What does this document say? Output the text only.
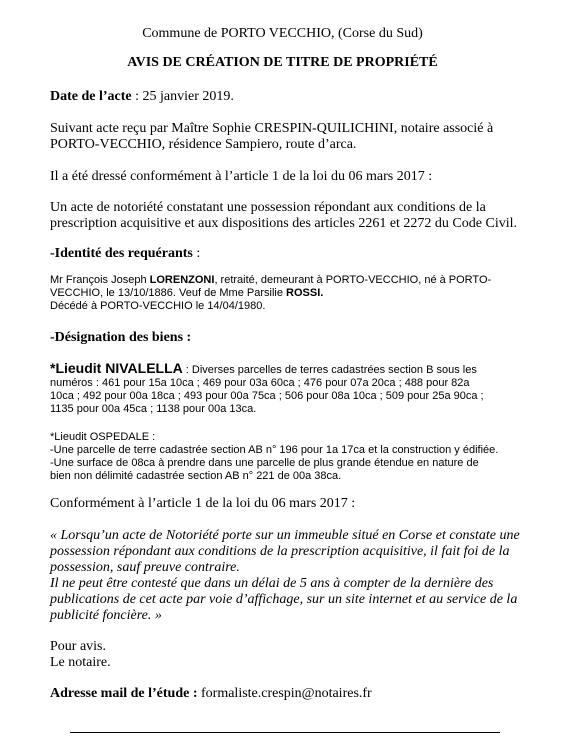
Commune de PORTO VECCHIO, (Corse du Sud)
AVIS DE CRÉATION DE TITRE DE PROPRIÉTÉ
Date de l’acte : 25 janvier 2019.
Suivant acte reçu par Maître Sophie CRESPIN-QUILICHINI, notaire associé à
PORTO-VECCHIO, résidence Sampiero, route d’arca.
Il a été dressé conformément à l’article 1 de la loi du 06 mars 2017 :
Un acte de notoriété constatant une possession répondant aux conditions de la
prescription acquisitive et aux dispositions des articles 2261 et 2272 du Code Civil.
-Identité des requérants :
Mr François Joseph LORENZONI, retraité, demeurant à PORTO-VECCHIO, né à PORTO-
VECCHIO, le 13/10/1886. Veuf de Mme Parsilie ROSSI.
Décédé à PORTO-VECCHIO le 14/04/1980.
-Désignation des biens :
*Lieudit NIVALELLA : Diverses parcelles de terres cadastrées section B sous les
numéros : 461 pour 15a 10ca ; 469 pour 03a 60ca ; 476 pour 07a 20ca ; 488 pour 82a
10ca ; 492 pour 00a 18ca ; 493 pour 00a 75ca ; 506 pour 08a 10ca ; 509 pour 25a 90ca ;
1135 pour 00a 45ca ; 1138 pour 00a 13ca.
*Lieudit OSPEDALE :
-Une parcelle de terre cadastrée section AB n° 196 pour 1a 17ca et la construction y édifiée.
-Une surface de 08ca à prendre dans une parcelle de plus grande étendue en nature de
bien non délimité cadastrée section AB n° 221 de 00a 38ca.
Conformément à l’article 1 de la loi du 06 mars 2017 :
« Lorsqu’un acte de Notoriété porte sur un immeuble situé en Corse et constate une
possession répondant aux conditions de la prescription acquisitive, il fait foi de la
possession, sauf preuve contraire.
Il ne peut être contesté que dans un délai de 5 ans à compter de la dernière des
publications de cet acte par voie d’affichage, sur un site internet et au service de la
publicité foncière. »
Pour avis.
Le notaire.
Adresse mail de l’étude : formaliste.crespin@notaires.fr
